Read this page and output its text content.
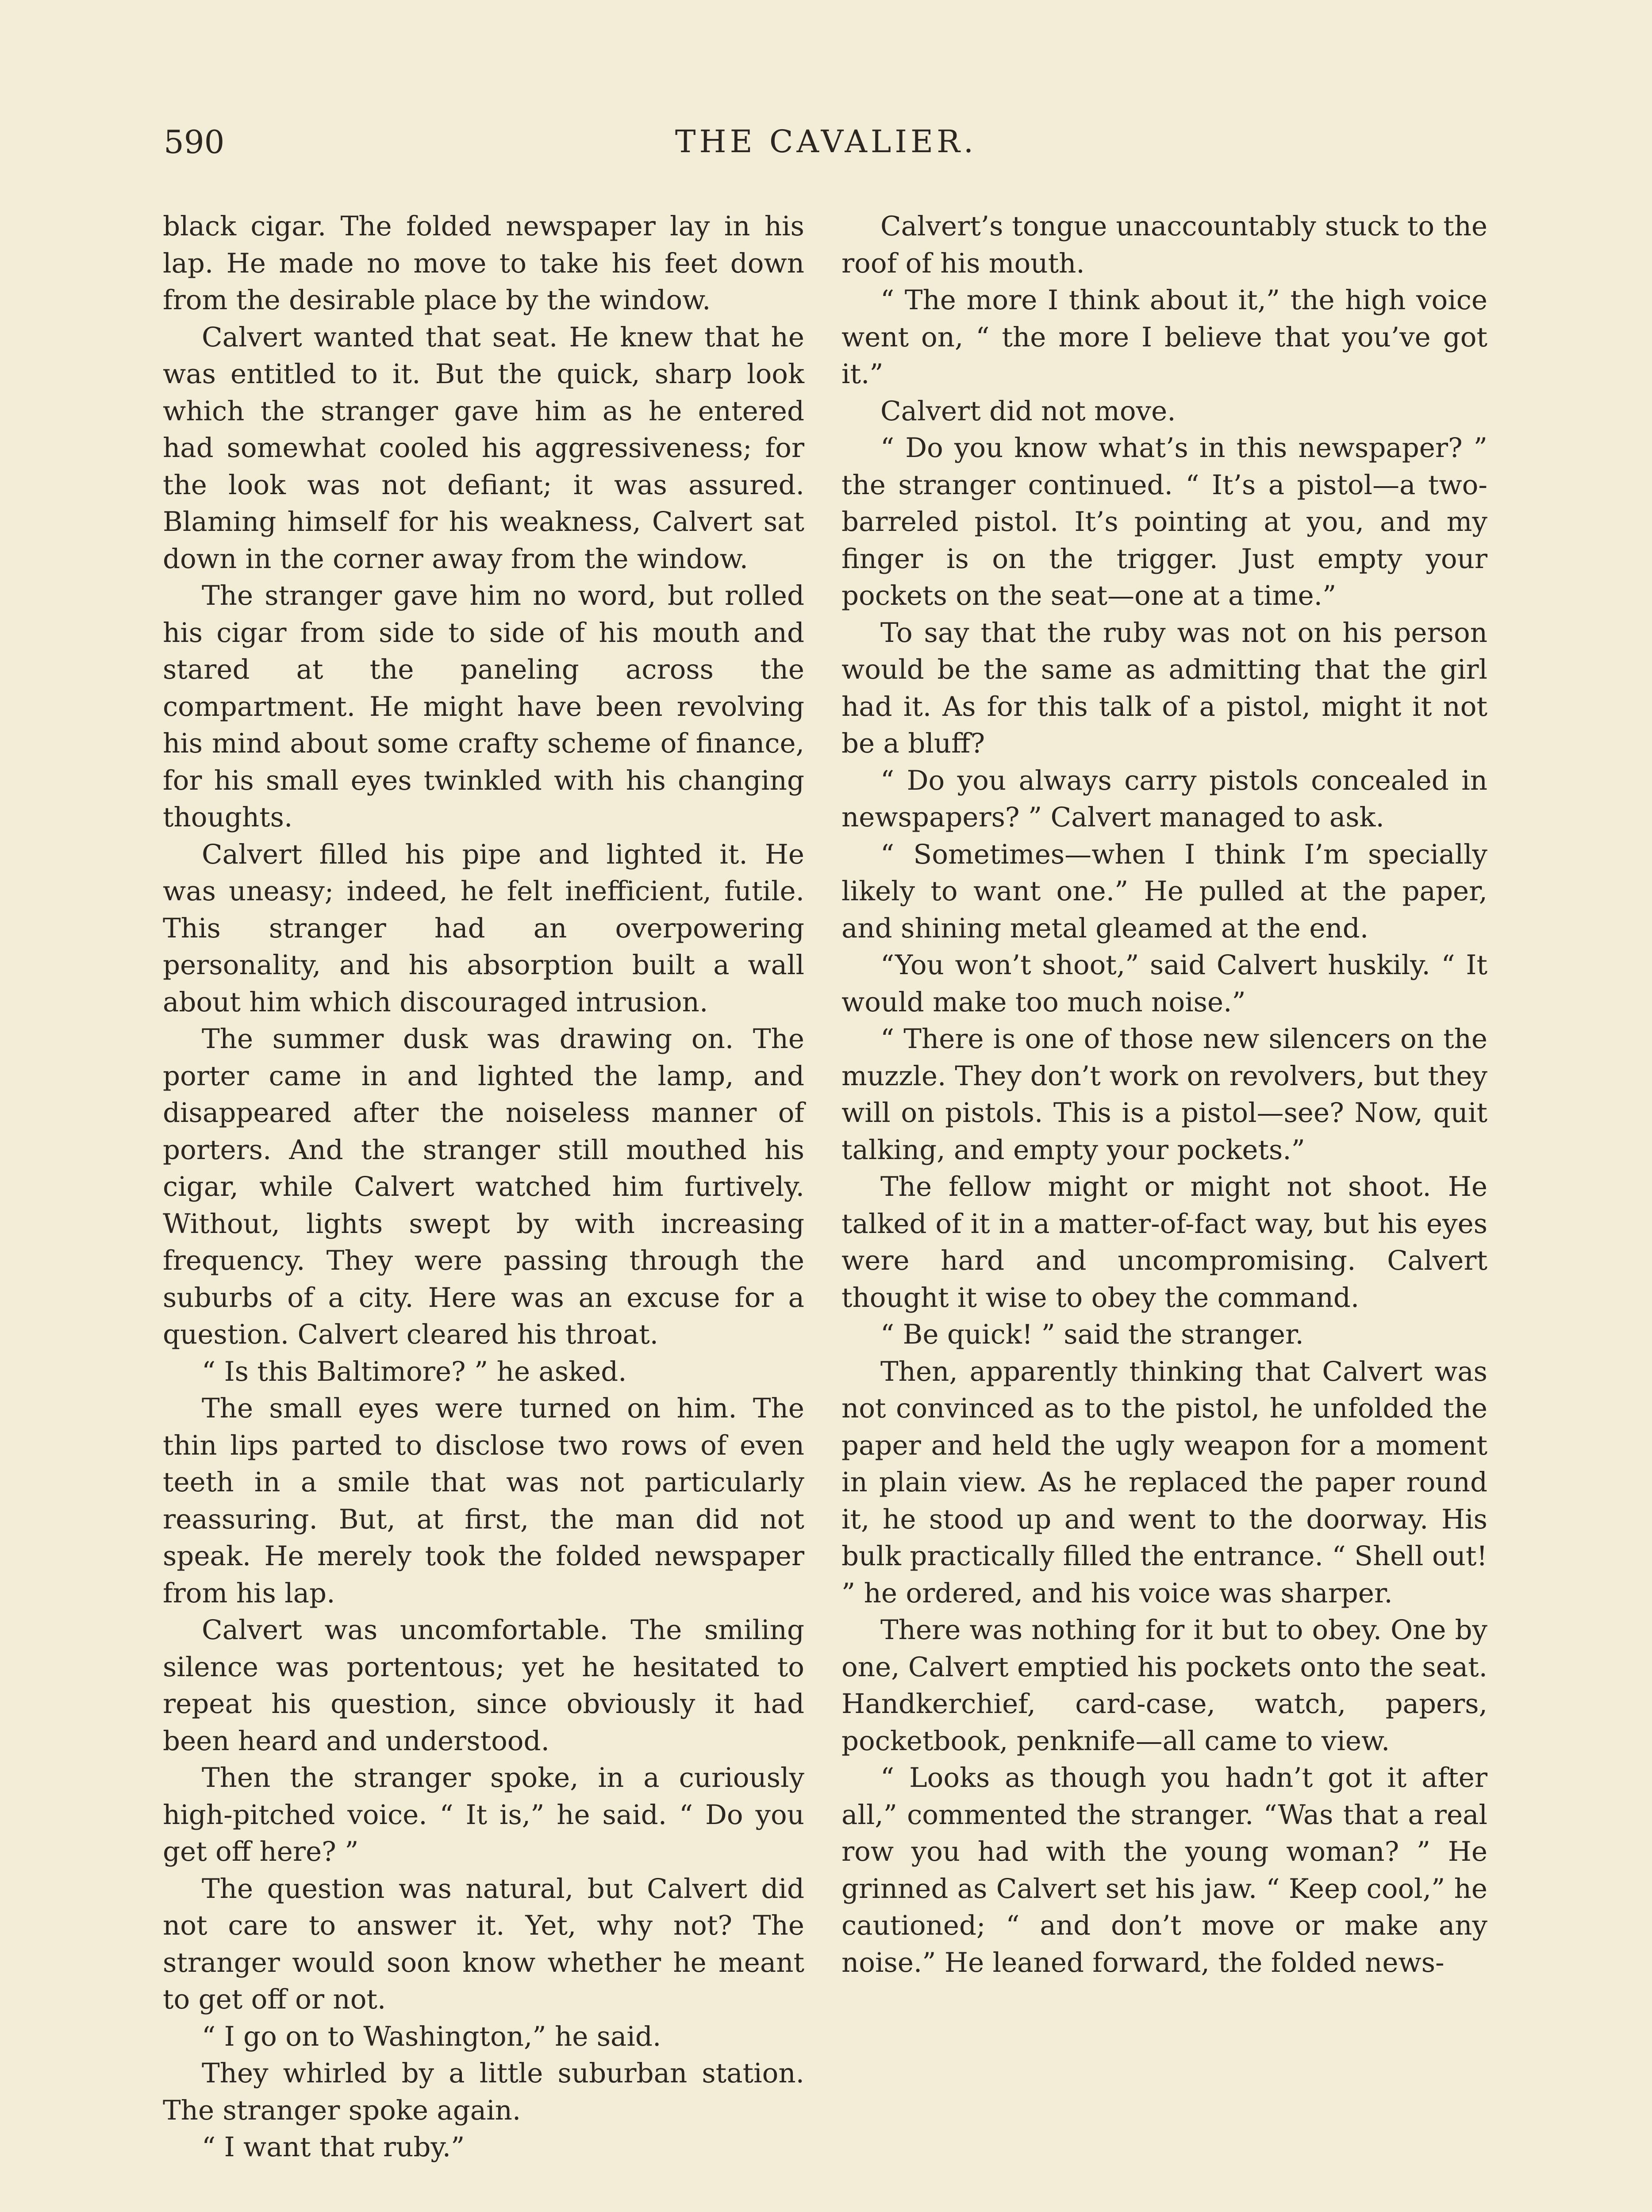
590	THE CAVALIER.

black cigar. The folded newspaper lay in his lap. He made no move to take his feet down from the desirable place by the window.

Calvert wanted that seat. He knew that he was entitled to it. But the quick, sharp look which the stranger gave him as he entered had somewhat cooled his aggressiveness; for the look was not defiant; it was assured. Blaming himself for his weakness, Calvert sat down in the corner away from the window.

The stranger gave him no word, but rolled his cigar from side to side of his mouth and stared at the paneling across the compartment. He might have been revolving his mind about some crafty scheme of finance, for his small eyes twinkled with his changing thoughts.

Calvert filled his pipe and lighted it. He was uneasy; indeed, he felt inefficient, futile. This stranger had an overpowering personality, and his absorption built a wall about him which discouraged intrusion.

The summer dusk was drawing on. The porter came in and lighted the lamp, and disappeared after the noiseless manner of porters. And the stranger still mouthed his cigar, while Calvert watched him furtively. Without, lights swept by with increasing frequency. They were passing through the suburbs of a city. Here was an excuse for a question. Calvert cleared his throat.

“ Is this Baltimore? ” he asked.

The small eyes were turned on him. The thin lips parted to disclose two rows of even teeth in a smile that was not particularly reassuring. But, at first, the man did not speak. He merely took the folded newspaper from his lap.

Calvert was uncomfortable. The smiling silence was portentous; yet he hesitated to repeat his question, since obviously it had been heard and understood.

Then the stranger spoke, in a curiously high-pitched voice. “ It is,” he said. “ Do you get off here? ”

The question was natural, but Calvert did not care to answer it. Yet, why not? The stranger would soon know whether he meant to get off or not.

“ I go on to Washington,” he said.

They whirled by a little suburban station. The stranger spoke again.

“ I want that ruby.”

Calvert’s tongue unaccountably stuck to the roof of his mouth.

“ The more I think about it,” the high voice went on, “ the more I believe that you’ve got it.”

Calvert did not move.

“ Do you know what’s in this newspaper? ” the stranger continued. “ It’s a pistol—a two-barreled pistol. It’s pointing at you, and my finger is on the trigger. Just empty your pockets on the seat—one at a time.”

To say that the ruby was not on his person would be the same as admitting that the girl had it. As for this talk of a pistol, might it not be a bluff?

“ Do you always carry pistols concealed in newspapers? ” Calvert managed to ask.

“ Sometimes—when I think I’m specially likely to want one.” He pulled at the paper, and shining metal gleamed at the end.

“You won’t shoot,” said Calvert huskily. “ It would make too much noise.”

“ There is one of those new silencers on the muzzle. They don’t work on revolvers, but they will on pistols. This is a pistol—see? Now, quit talking, and empty your pockets.”

The fellow might or might not shoot. He talked of it in a matter-of-fact way, but his eyes were hard and uncompromising. Calvert thought it wise to obey the command.

“ Be quick! ” said the stranger.

Then, apparently thinking that Calvert was not convinced as to the pistol, he unfolded the paper and held the ugly weapon for a moment in plain view. As he replaced the paper round it, he stood up and went to the doorway. His bulk practically filled the entrance. “ Shell out! ” he ordered, and his voice was sharper.

There was nothing for it but to obey. One by one, Calvert emptied his pockets onto the seat. Handkerchief, card-case, watch, papers, pocketbook, penknife—all came to view.

“ Looks as though you hadn’t got it after all,” commented the stranger. “Was that a real row you had with the young woman? ” He grinned as Calvert set his jaw. “ Keep cool,” he cautioned; “ and don’t move or make any noise.” He leaned forward, the folded news-
